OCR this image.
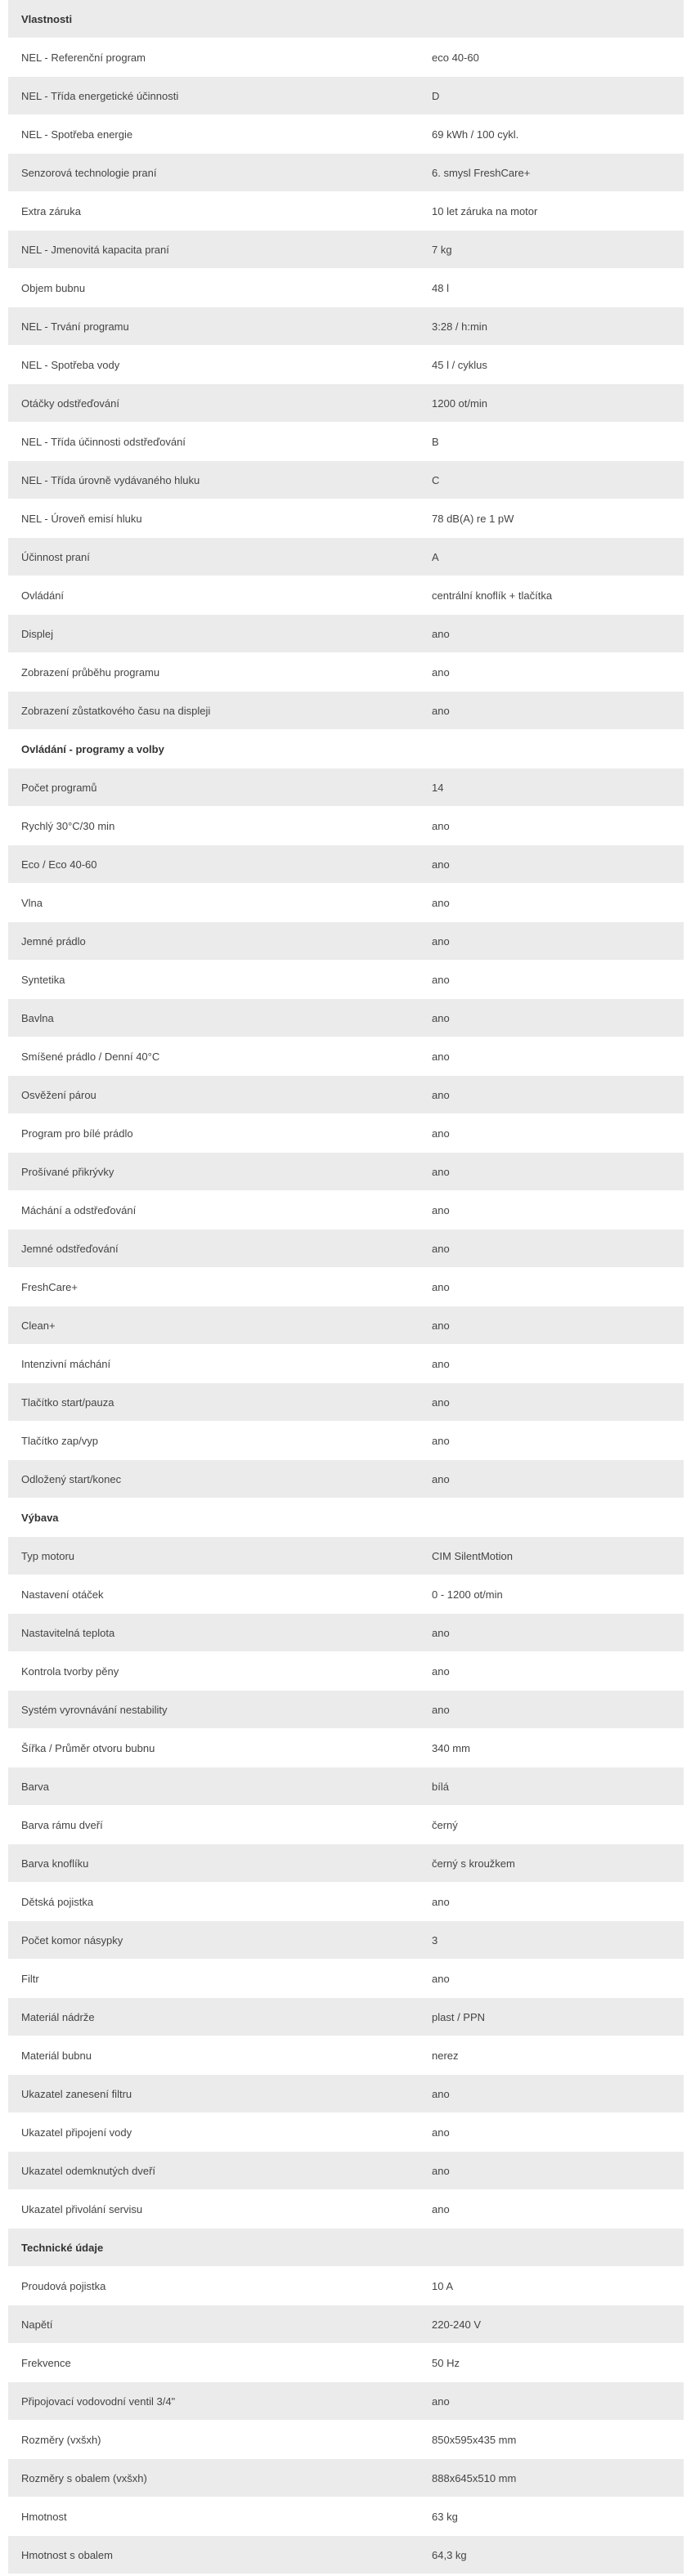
Vlastnosti
NEL - Referenční program	eco 40-60
NEL - Třída energetické účinnosti	D
NEL - Spotřeba energie	69 kWh / 100 cykl.
Senzorová technologie praní	6. smysl FreshCare+
Extra záruka	10 let záruka na motor
NEL - Jmenovitá kapacita praní	7 kg
Objem bubnu	48 l
NEL - Trvání programu	3:28 / h:min
NEL - Spotřeba vody	45 l / cyklus
Otáčky odstřeďování	1200 ot/min
NEL - Třída účinnosti odstřeďování	B
NEL - Třída úrovně vydávaného hluku	C
NEL - Úroveň emisí hluku	78 dB(A) re 1 pW
Účinnost praní	A
Ovládání	centrální knoflík + tlačítka
Displej	ano
Zobrazení průběhu programu	ano
Zobrazení zůstatkového času na displeji	ano
Ovládání - programy a volby
Počet programů	14
Rychlý 30°C/30 min	ano
Eco / Eco 40-60	ano
Vlna	ano
Jemné prádlo	ano
Syntetika	ano
Bavlna	ano
Smíšené prádlo / Denní 40°C	ano
Osvěžení párou	ano
Program pro bílé prádlo	ano
Prošívané přikrývky	ano
Máchání a odstřeďování	ano
Jemné odstřeďování	ano
FreshCare+	ano
Clean+	ano
Intenzivní máchání	ano
Tlačítko start/pauza	ano
Tlačítko zap/vyp	ano
Odložený start/konec	ano
Výbava
Typ motoru	CIM SilentMotion
Nastavení otáček	0 - 1200 ot/min
Nastavitelná teplota	ano
Kontrola tvorby pěny	ano
Systém vyrovnávání nestability	ano
Šířka / Průměr otvoru bubnu	340 mm
Barva	bílá
Barva rámu dveří	černý
Barva knoflíku	černý s kroužkem
Dětská pojistka	ano
Počet komor násypky	3
Filtr	ano
Materiál nádrže	plast / PPN
Materiál bubnu	nerez
Ukazatel zanesení filtru	ano
Ukazatel připojení vody	ano
Ukazatel odemknutých dveří	ano
Ukazatel přivolání servisu	ano
Technické údaje
Proudová pojistka	10 A
Napětí	220-240 V
Frekvence	50 Hz
Připojovací vodovodní ventil 3/4"	ano
Rozměry (vxšxh)	850x595x435 mm
Rozměry s obalem (vxšxh)	888x645x510 mm
Hmotnost	63 kg
Hmotnost s obalem	64,3 kg
